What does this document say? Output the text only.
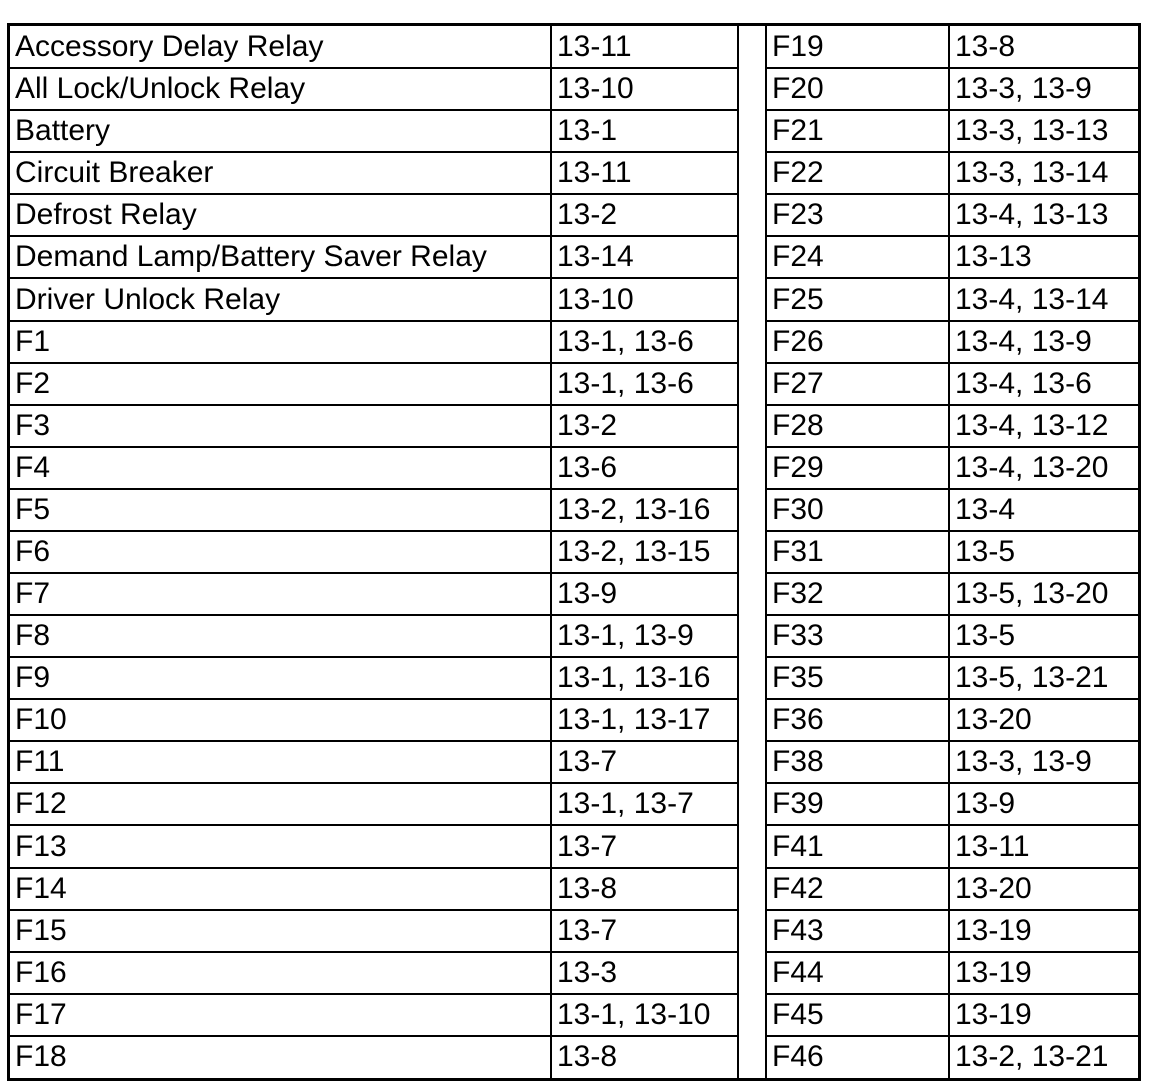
Accessory Delay Relay	13-11		F19	13-8
All Lock/Unlock Relay	13-10		F20	13-3, 13-9
Battery	13-1		F21	13-3, 13-13
Circuit Breaker	13-11		F22	13-3, 13-14
Defrost Relay	13-2		F23	13-4, 13-13
Demand Lamp/Battery Saver Relay	13-14		F24	13-13
Driver Unlock Relay	13-10		F25	13-4, 13-14
F1	13-1, 13-6		F26	13-4, 13-9
F2	13-1, 13-6		F27	13-4, 13-6
F3	13-2		F28	13-4, 13-12
F4	13-6		F29	13-4, 13-20
F5	13-2, 13-16		F30	13-4
F6	13-2, 13-15		F31	13-5
F7	13-9		F32	13-5, 13-20
F8	13-1, 13-9		F33	13-5
F9	13-1, 13-16		F35	13-5, 13-21
F10	13-1, 13-17		F36	13-20
F11	13-7		F38	13-3, 13-9
F12	13-1, 13-7		F39	13-9
F13	13-7		F41	13-11
F14	13-8		F42	13-20
F15	13-7		F43	13-19
F16	13-3		F44	13-19
F17	13-1, 13-10		F45	13-19
F18	13-8		F46	13-2, 13-21
